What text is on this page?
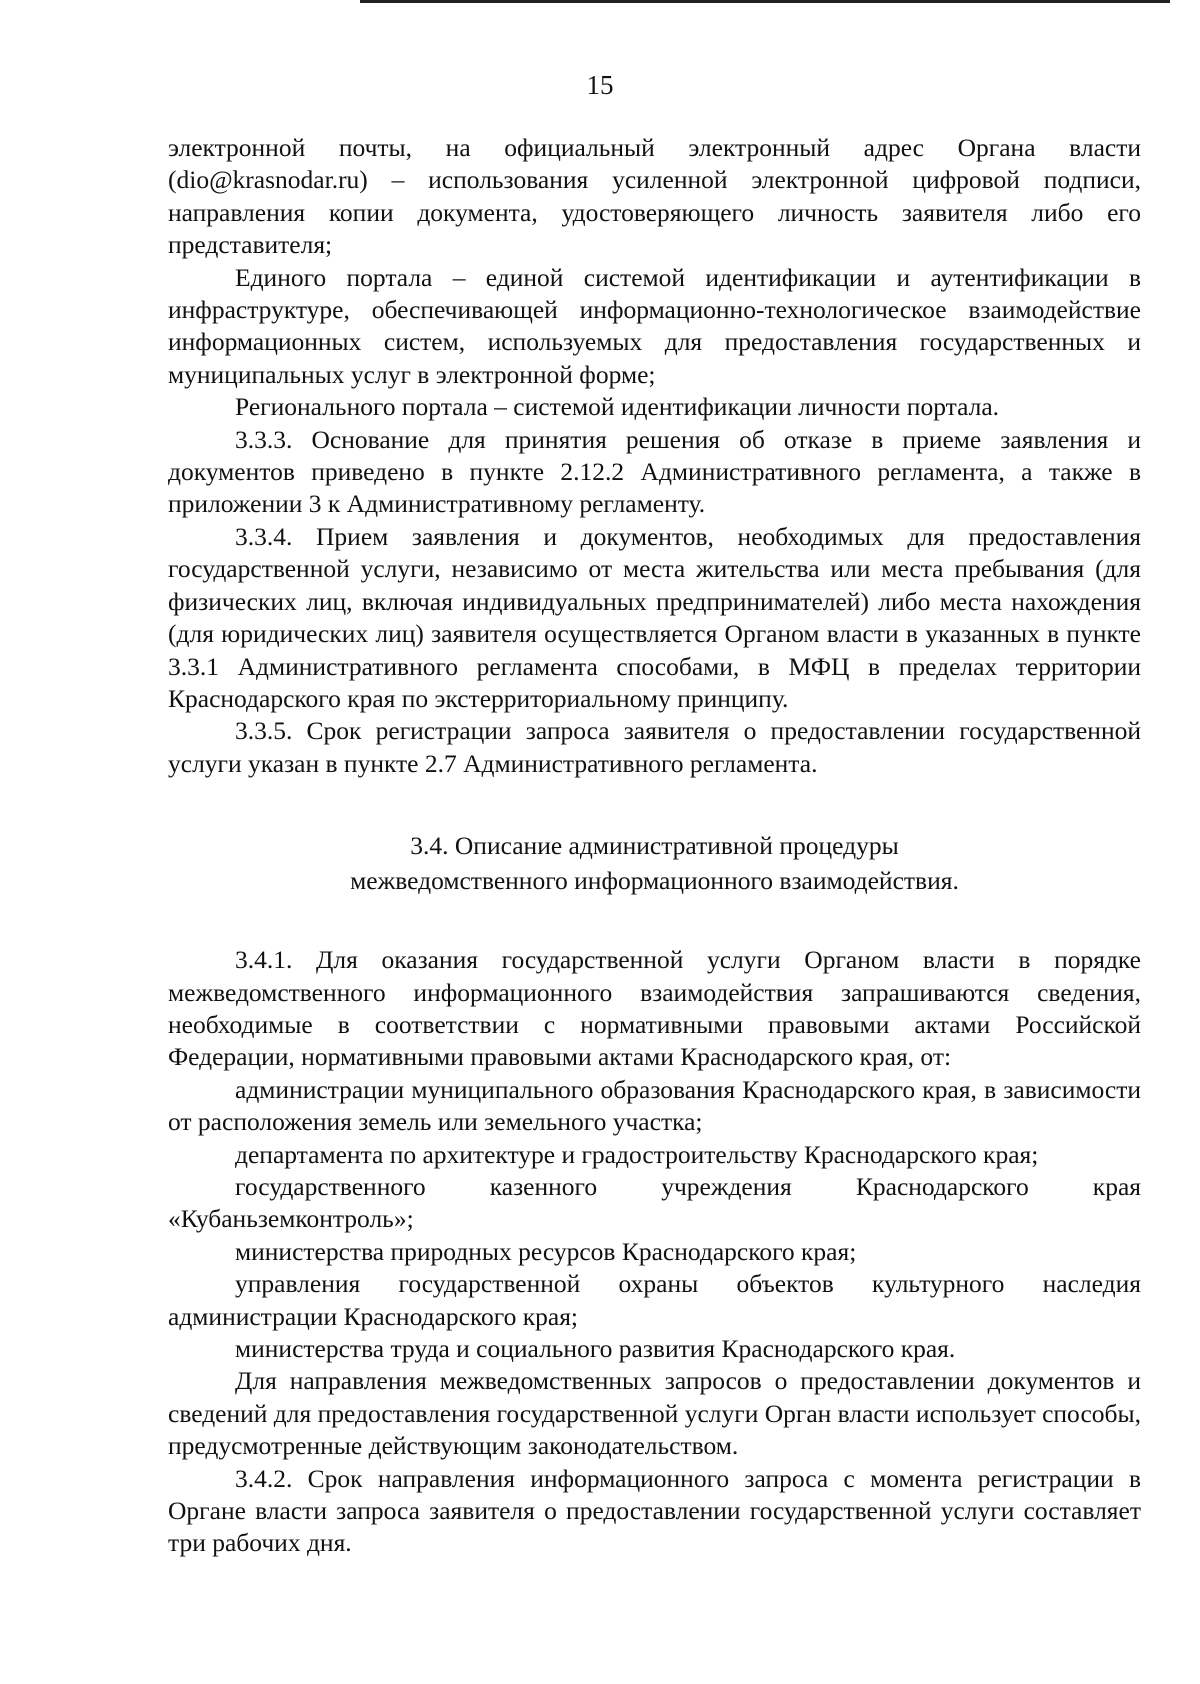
15

электронной почты, на официальный электронный адрес Органа власти (dio@krasnodar.ru) – использования усиленной электронной цифровой подписи, направления копии документа, удостоверяющего личность заявителя либо его представителя;

Единого портала – единой системой идентификации и аутентификации в инфраструктуре, обеспечивающей информационно-технологическое взаимодействие информационных систем, используемых для предоставления государственных и муниципальных услуг в электронной форме;

Регионального портала – системой идентификации личности портала.

3.3.3. Основание для принятия решения об отказе в приеме заявления и документов приведено в пункте 2.12.2 Административного регламента, а также в приложении 3 к Административному регламенту.

3.3.4. Прием заявления и документов, необходимых для предоставления государственной услуги, независимо от места жительства или места пребывания (для физических лиц, включая индивидуальных предпринимателей) либо места нахождения (для юридических лиц) заявителя осуществляется Органом власти в указанных в пункте 3.3.1 Административного регламента способами, в МФЦ в пределах территории Краснодарского края по экстерриториальному принципу.

3.3.5. Срок регистрации запроса заявителя о предоставлении государственной услуги указан в пункте 2.7 Административного регламента.

3.4. Описание административной процедуры
межведомственного информационного взаимодействия.

3.4.1. Для оказания государственной услуги Органом власти в порядке межведомственного информационного взаимодействия запрашиваются сведения, необходимые в соответствии с нормативными правовыми актами Российской Федерации, нормативными правовыми актами Краснодарского края, от:

администрации муниципального образования Краснодарского края, в зависимости от расположения земель или земельного участка;

департамента по архитектуре и градостроительству Краснодарского края;

государственного казенного учреждения Краснодарского края «Кубаньземконтроль»;

министерства природных ресурсов Краснодарского края;

управления государственной охраны объектов культурного наследия администрации Краснодарского края;

министерства труда и социального развития Краснодарского края.

Для направления межведомственных запросов о предоставлении документов и сведений для предоставления государственной услуги Орган власти использует способы, предусмотренные действующим законодательством.

3.4.2. Срок направления информационного запроса с момента регистрации в Органе власти запроса заявителя о предоставлении государственной услуги составляет три рабочих дня.
